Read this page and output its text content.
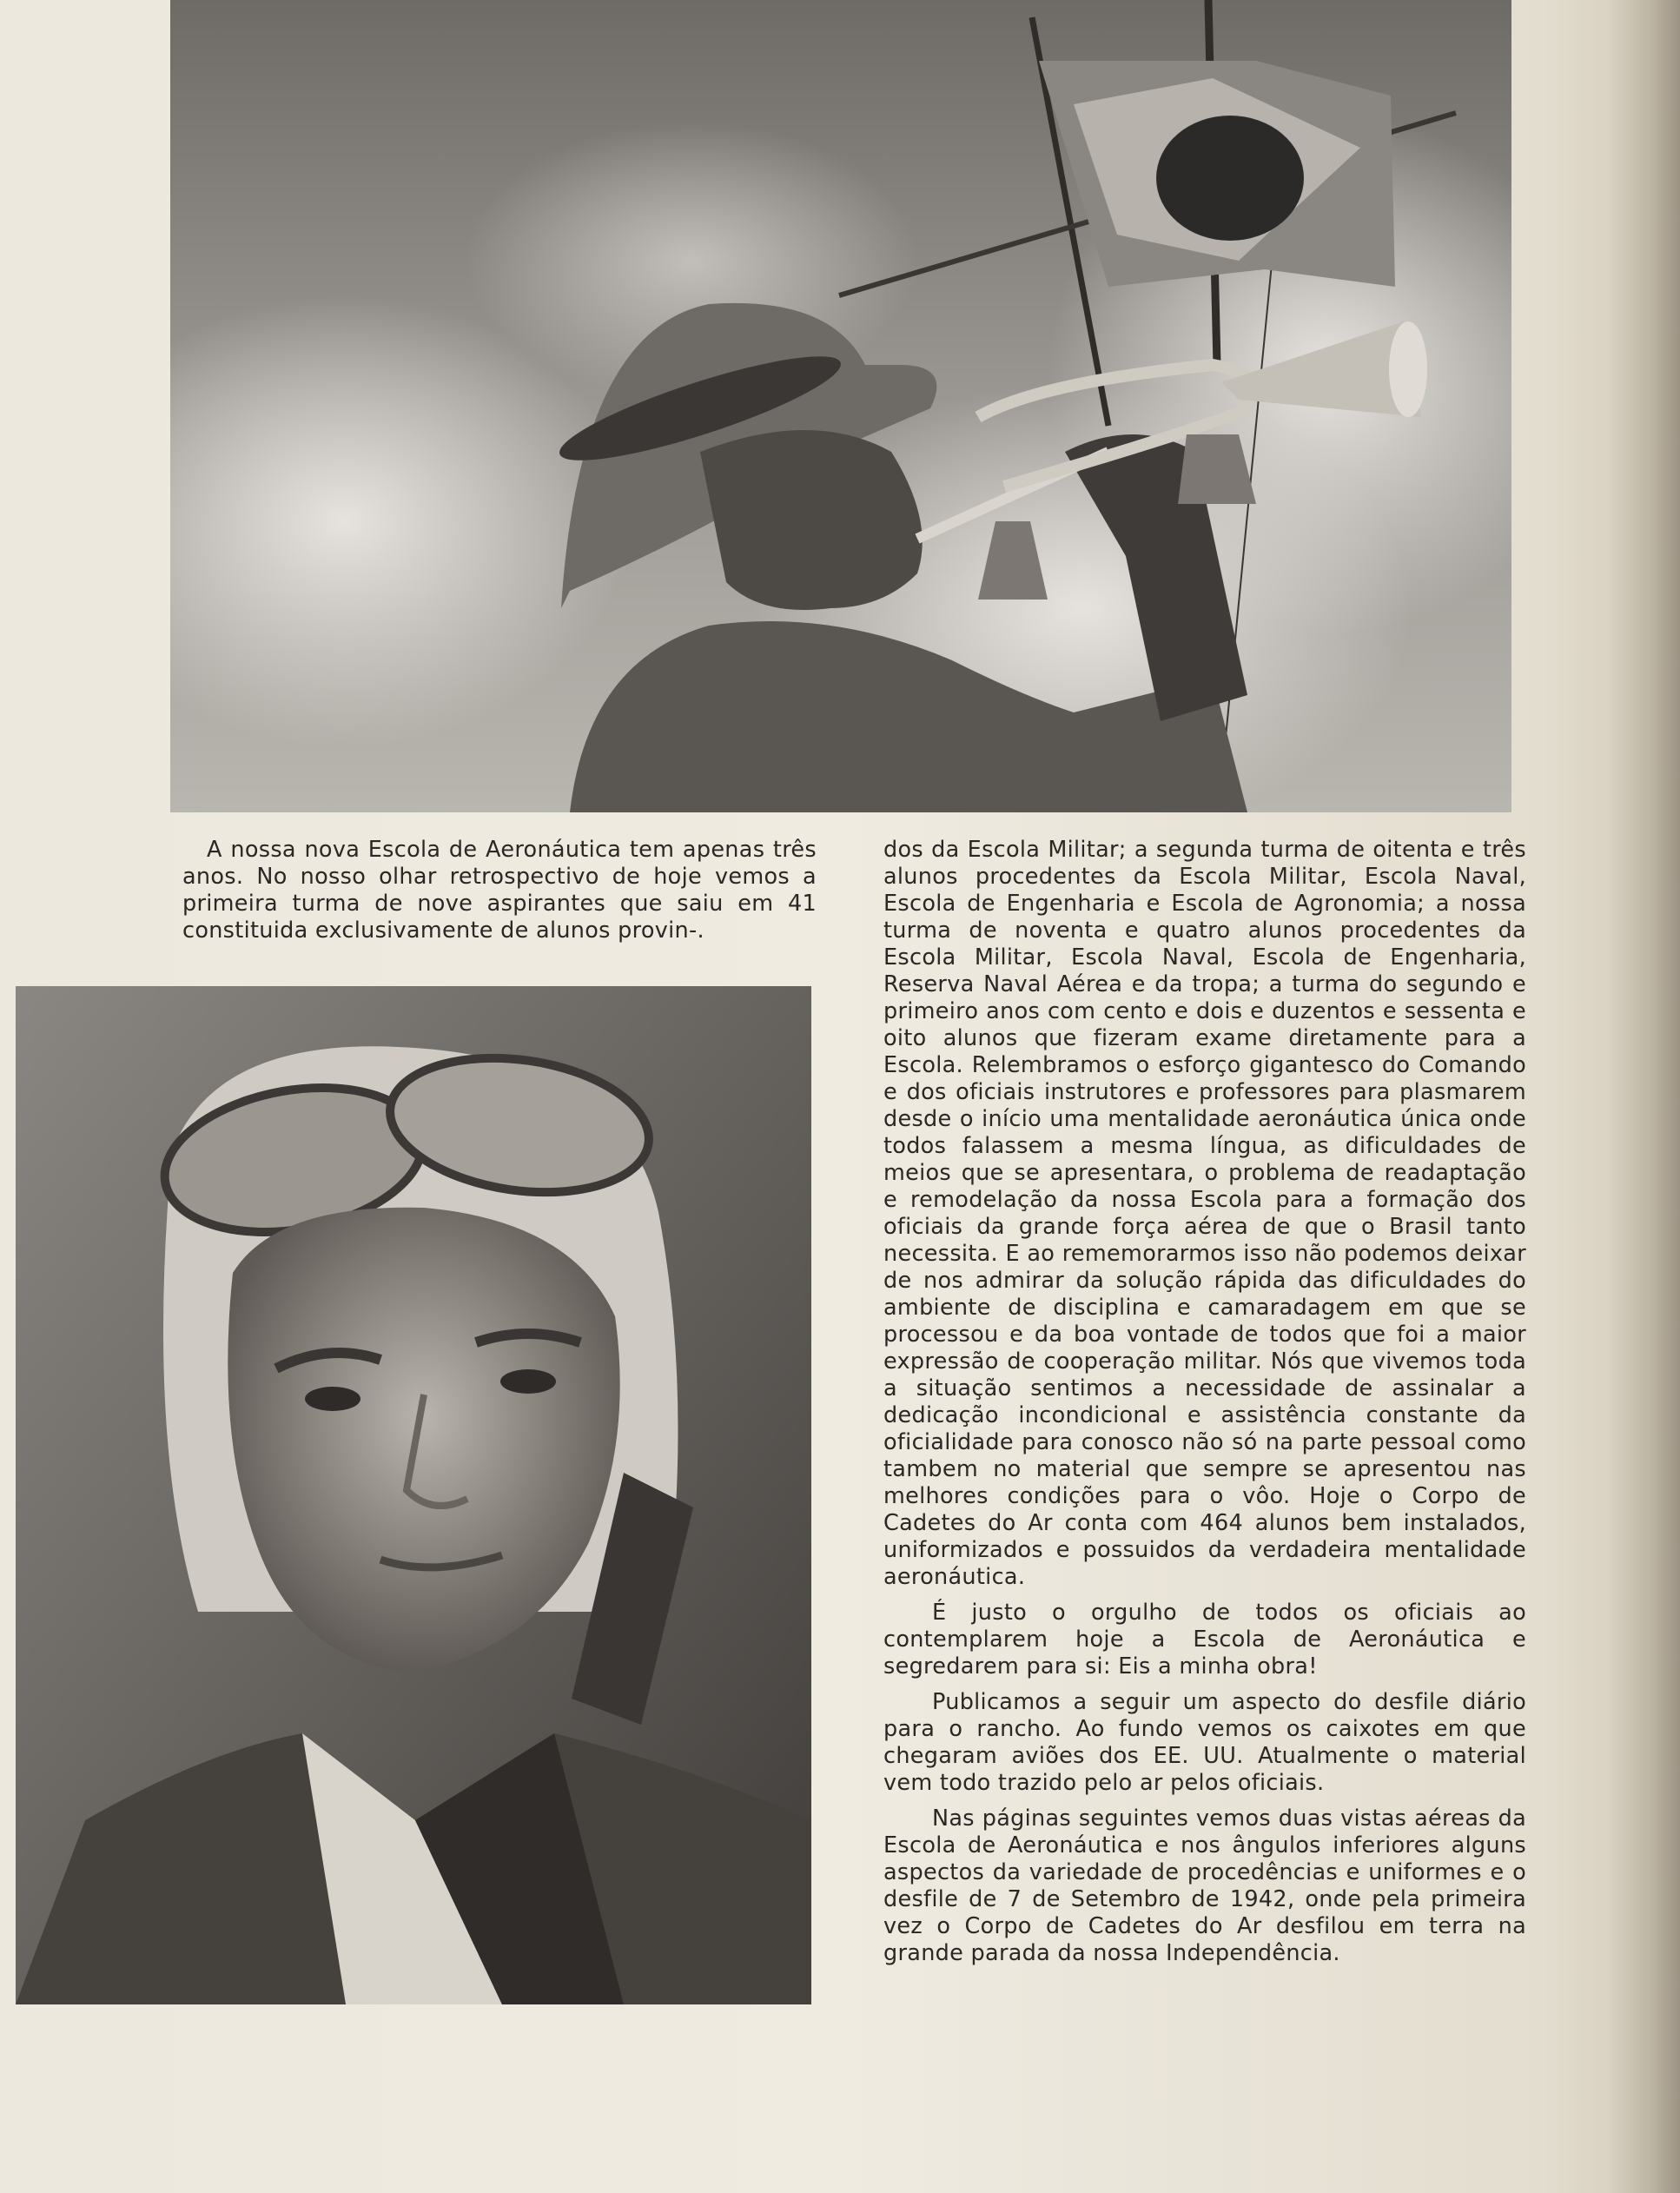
A nossa nova Escola de Aeronáutica tem apenas três anos. No nosso olhar retrospectivo de hoje vemos a primeira turma de nove aspirantes que saiu em 41 constituida exclusivamente de alunos provin-.

dos da Escola Militar; a segunda turma de oitenta e três alunos procedentes da Escola Militar, Escola Naval, Escola de Engenharia e Escola de Agronomia; a nossa turma de noventa e quatro alunos procedentes da Escola Militar, Escola Naval, Escola de Engenharia, Reserva Naval Aérea e da tropa; a turma do segundo e primeiro anos com cento e dois e duzentos e sessenta e oito alunos que fizeram exame diretamente para a Escola. Relembramos o esforço gigantesco do Comando e dos oficiais instrutores e professores para plasmarem desde o início uma mentalidade aeronáutica única onde todos falassem a mesma língua, as dificuldades de meios que se apresentara, o problema de readaptação e remodelação da nossa Escola para a formação dos oficiais da grande força aérea de que o Brasil tanto necessita. E ao rememorarmos isso não podemos deixar de nos admirar da solução rápida das dificuldades do ambiente de disciplina e camaradagem em que se processou e da boa vontade de todos que foi a maior expressão de cooperação militar. Nós que vivemos toda a situação sentimos a necessidade de assinalar a dedicação incondicional e assistência constante da oficialidade para conosco não só na parte pessoal como tambem no material que sempre se apresentou nas melhores condições para o vôo. Hoje o Corpo de Cadetes do Ar conta com 464 alunos bem instalados, uniformizados e possuidos da verdadeira mentalidade aeronáutica.

É justo o orgulho de todos os oficiais ao contemplarem hoje a Escola de Aeronáutica e segredarem para si: Eis a minha obra!

Publicamos a seguir um aspecto do desfile diário para o rancho. Ao fundo vemos os caixotes em que chegaram aviões dos EE. UU. Atualmente o material vem todo trazido pelo ar pelos oficiais.

Nas páginas seguintes vemos duas vistas aéreas da Escola de Aeronáutica e nos ângulos inferiores alguns aspectos da variedade de procedências e uniformes e o desfile de 7 de Setembro de 1942, onde pela primeira vez o Corpo de Cadetes do Ar desfilou em terra na grande parada da nossa Independência.
